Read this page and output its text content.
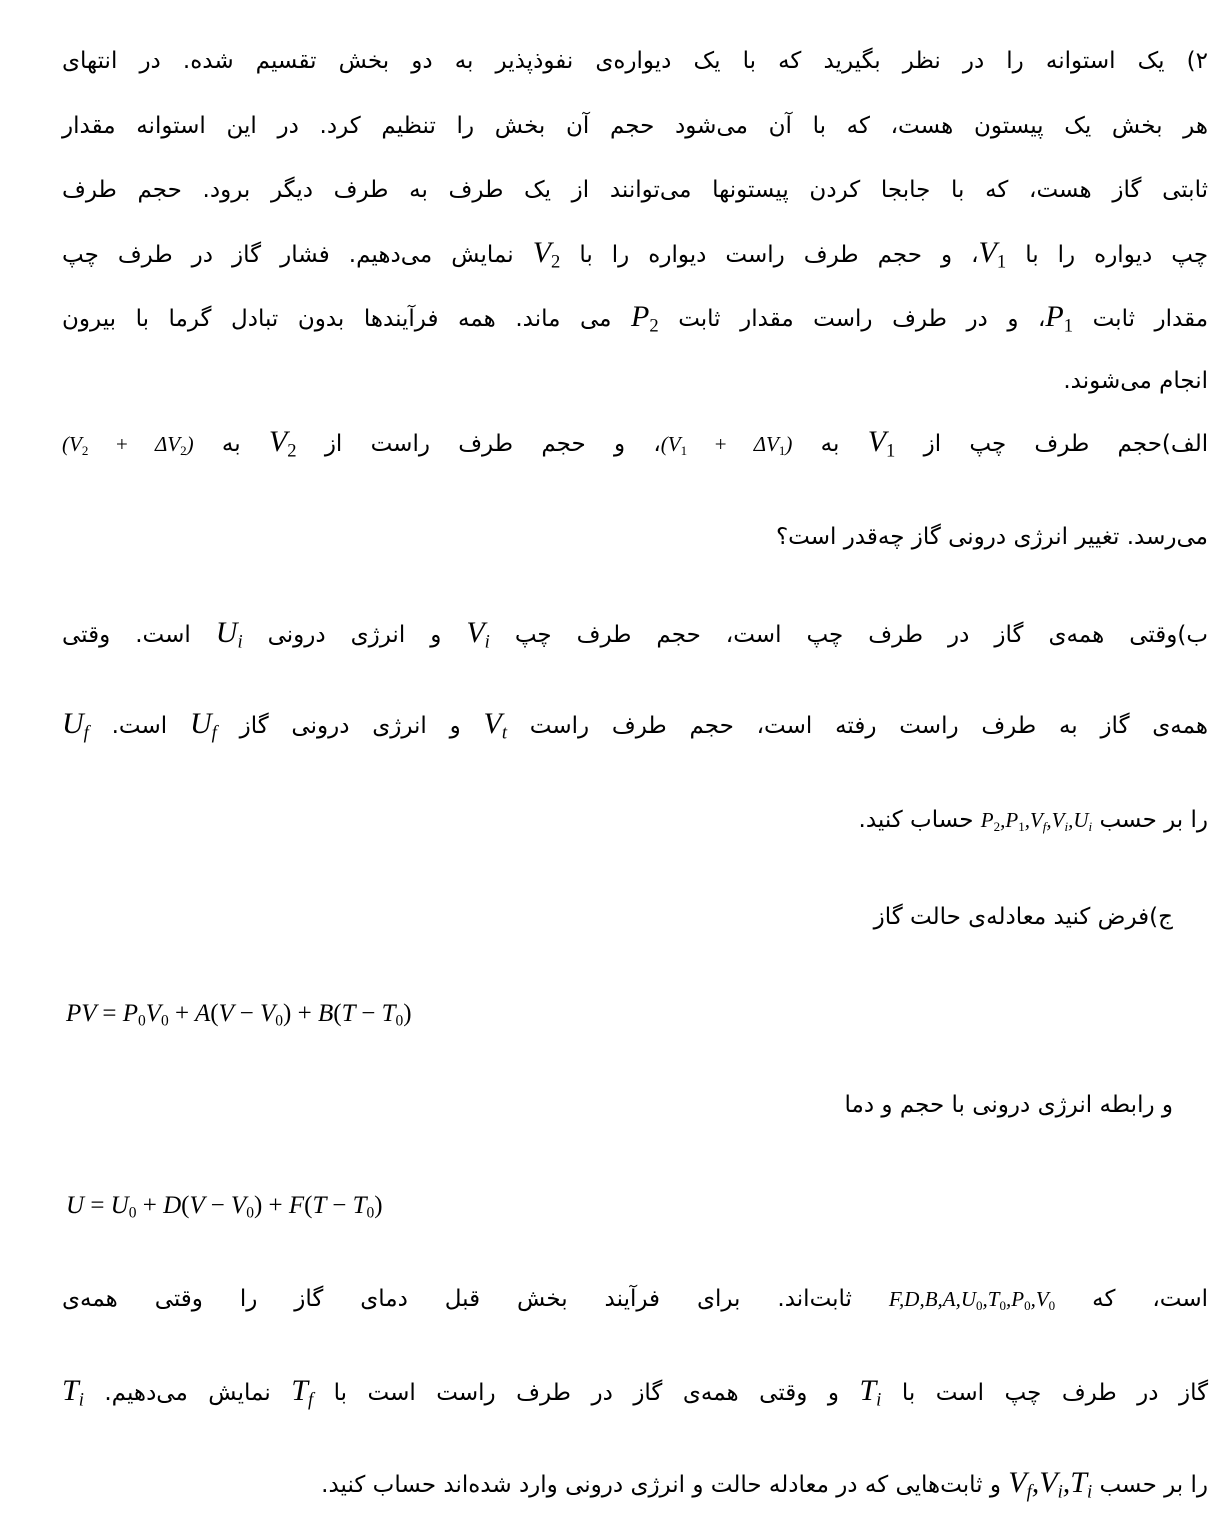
۲) یک استوانه را در نظر بگیرید که با یک دیواره‌ی نفوذپذیر به دو بخش تقسیم شده. در انتهای
هر بخش یک پیستون هست، که با آن می‌شود حجم آن بخش را تنظیم کرد. در این استوانه مقدار
ثابتی گاز هست، که با جابجا کردن پیستونها می‌توانند از یک طرف به طرف دیگر برود. حجم طرف
چپ دیواره را با $V_1،$ و حجم طرف راست دیواره را با $V_2$ نمایش می‌دهیم. فشار گاز در طرف چپ
مقدار ثابت $P_1،$ و در طرف راست مقدار ثابت $P_2$ می ماند. همه فرآیندها بدون تبادل گرما با بیرون
انجام می‌شوند.
الف)حجم طرف چپ از $V_1$ به ($V_1$ + $\Delta V_1)،$ و حجم طرف راست از $V_2$ به $(V_2 + \Delta V_2)$
می‌رسد. تغییر انرژی درونی گاز چه‌قدر است؟
ب)وقتی همه‌ی گاز در طرف چپ است، حجم طرف چپ Vi و انرژی درونی Ui است. وقتی
همه‌ی گاز به طرف راست رفته است، حجم طرف راست Vt و انرژی درونی گاز Uf است. Uf
را بر حسب $P_2,P_1,Vf,Vi,Ui$ حساب کنید.
ج)فرض کنید معادله‌ی حالت گاز
PV = $P_0V_0 + A(V - V_0) + B(T - T_0)$
و رابطه انرژی درونی با حجم و دما
$U = U_0 + D(V - V_0) + F(T - T_0)$
است، که $F,D,B,A,U_0,T_0,P_0,V_0$ ثابت‌اند. برای فرآیند بخش قبل دمای گاز را وقتی همه‌ی
گاز در طرف چپ است با Ti و وقتی همه‌ی گاز در طرف راست است با Tf نمایش می‌دهیم. Ti
را بر حسب Vf,Vi,Ti و ثابت‌هایی که در معادله حالت و انرژی درونی وارد شده‌اند حساب کنید.
